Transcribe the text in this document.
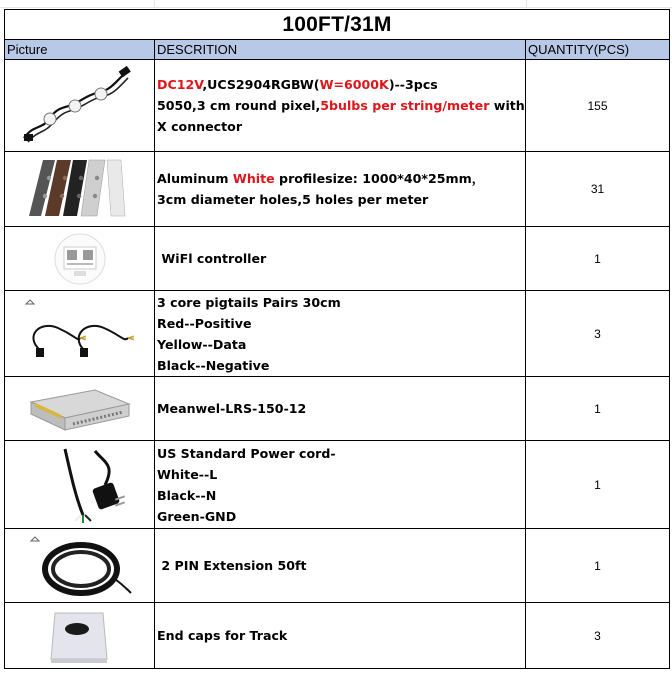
100FT/31M		
Picture	DESCRITION	QUANTITY(PCS)

DC12V,UCS2904RGBW(W=6000K)--3pcs
5050,3 cm round pixel,5bulbs per string/meter with
X connector	155

Aluminum White profilesize: 1000*40*25mm，
3cm diameter holes,5 holes per meter	31

WiFl controller	1

3 core pigtails Pairs 30cm
Red--Positive
Yellow--Data
Black--Negative	3

Meanwel-LRS-150-12	1

US Standard Power cord-
White--L
Black--N
Green-GND	1

2 PIN Extension 50ft	1

End caps for Track	3
